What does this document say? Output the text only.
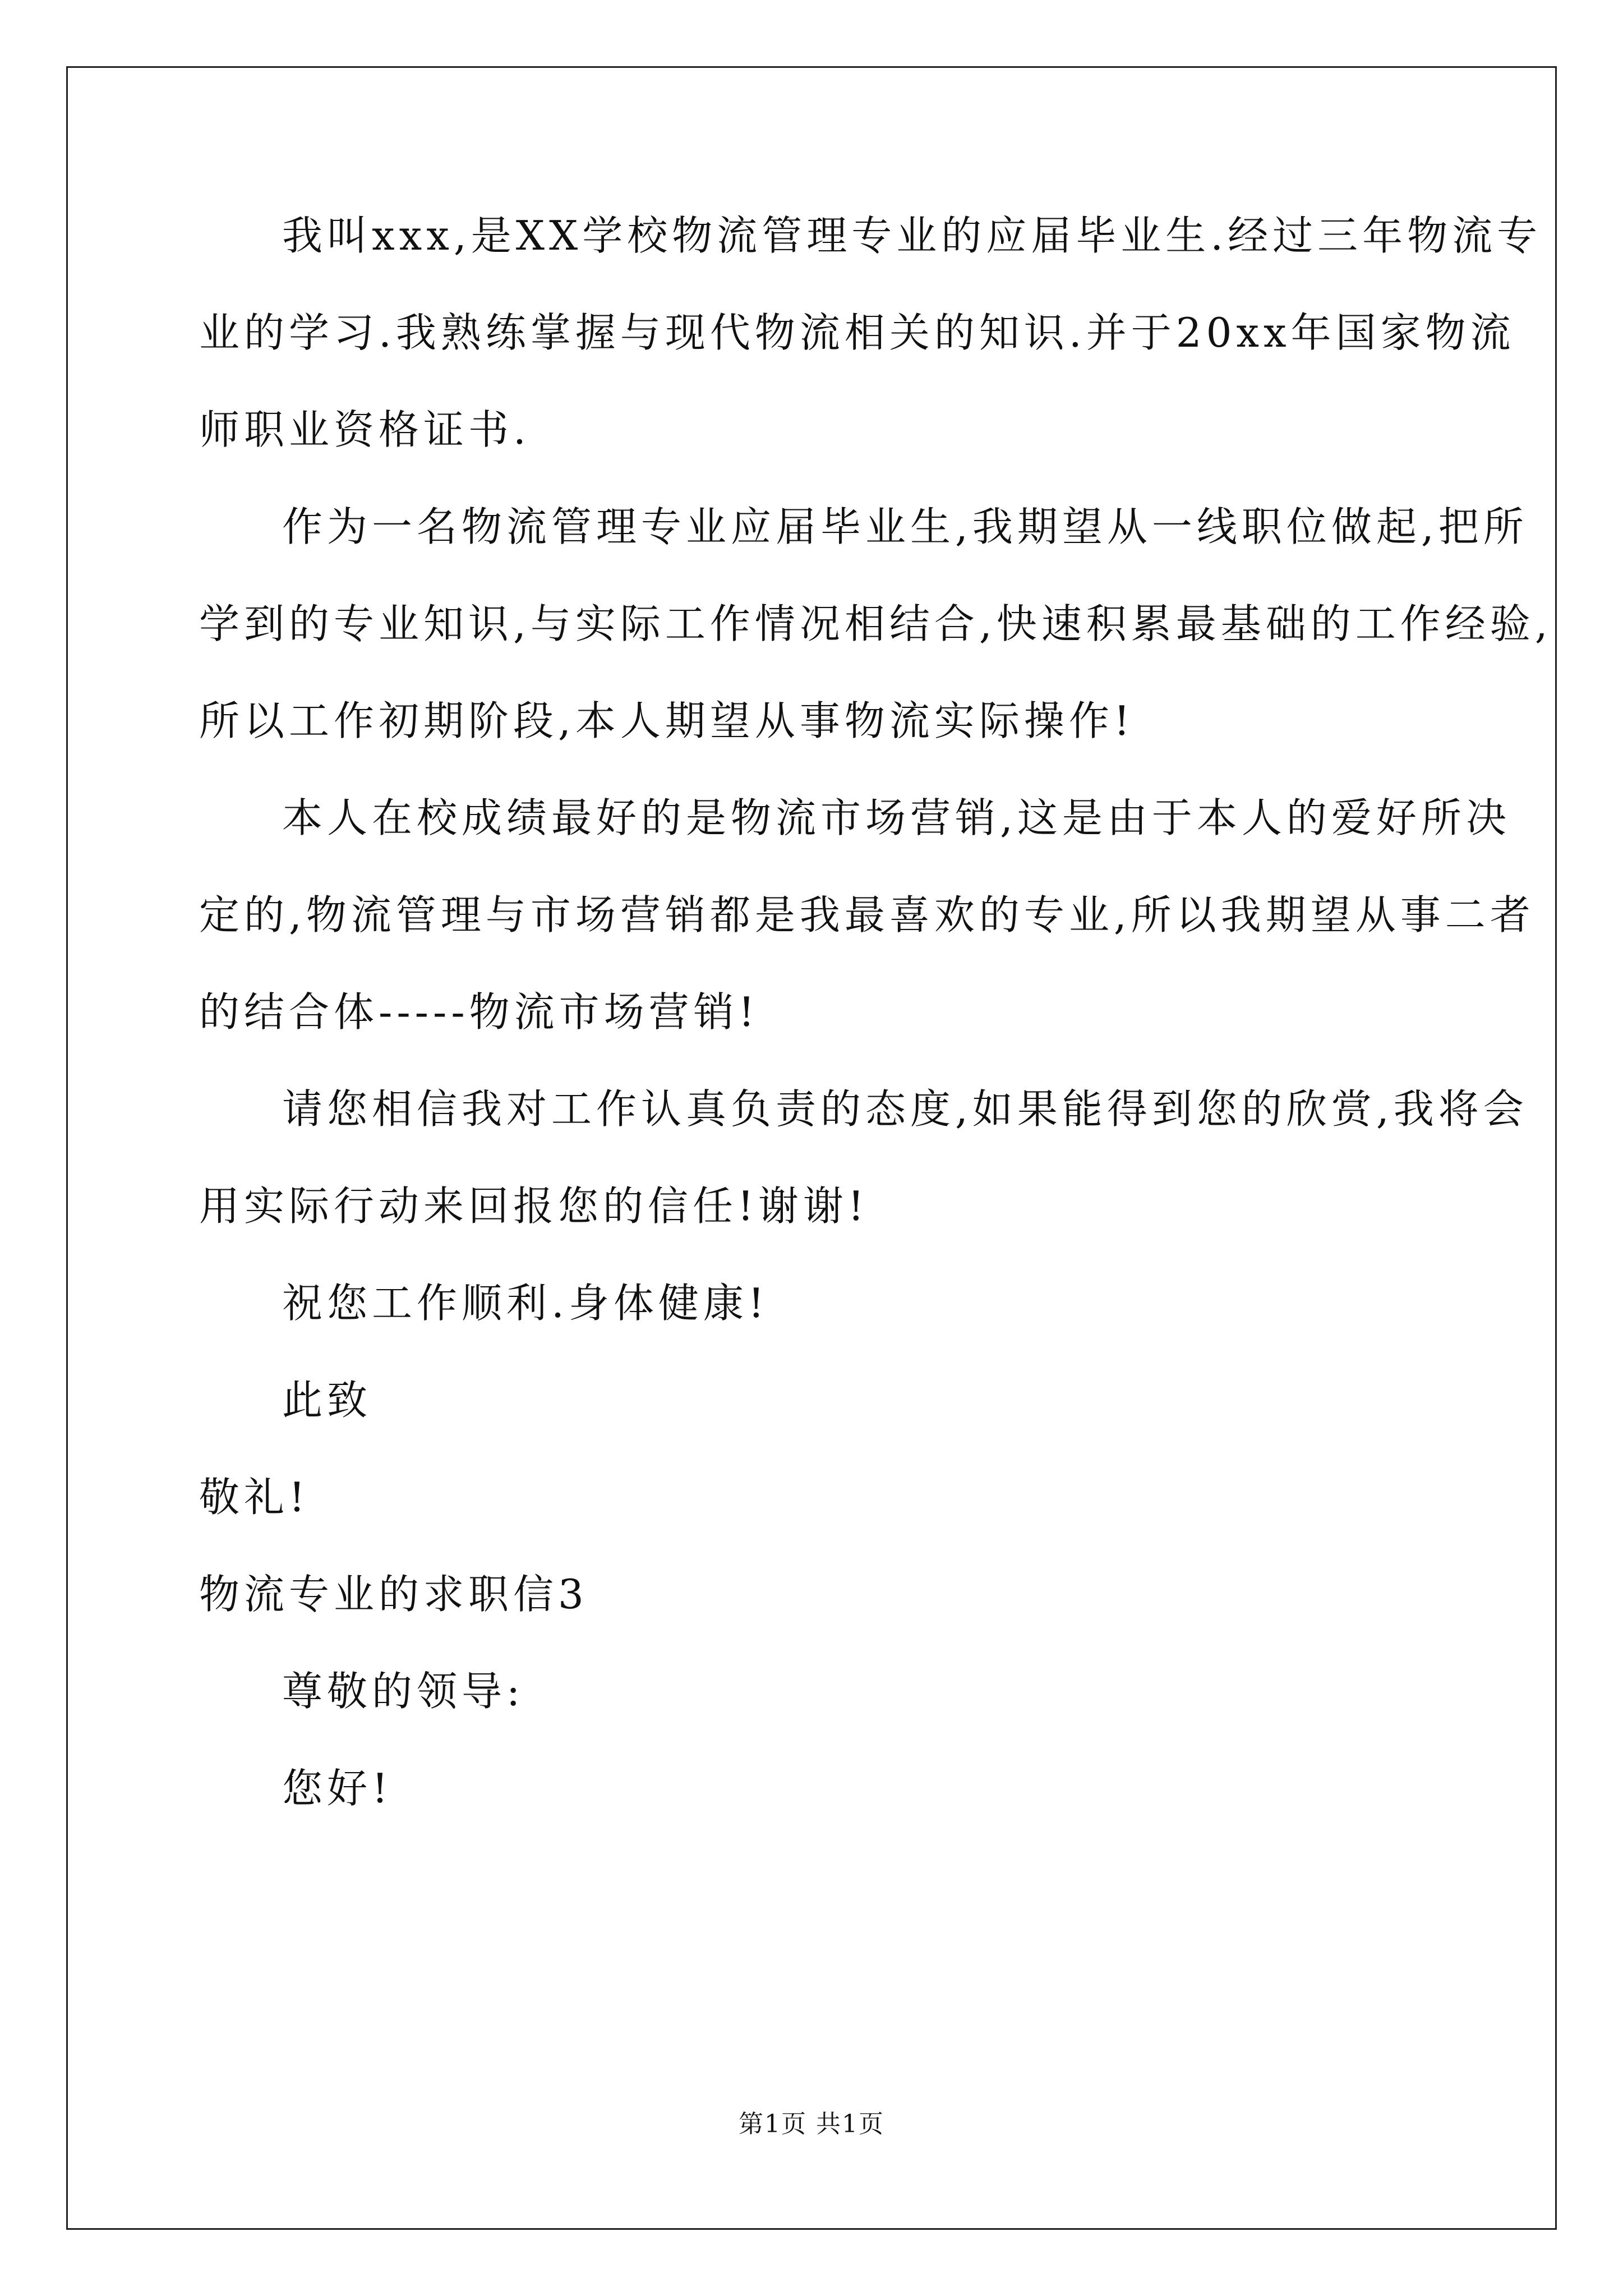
我叫xxx,是XX学校物流管理专业的应届毕业生.经过三年物流专
业的学习.我熟练掌握与现代物流相关的知识.并于20xx年国家物流
师职业资格证书.
作为一名物流管理专业应届毕业生,我期望从一线职位做起,把所
学到的专业知识,与实际工作情况相结合,快速积累最基础的工作经验,
所以工作初期阶段,本人期望从事物流实际操作!
本人在校成绩最好的是物流市场营销,这是由于本人的爱好所决
定的,物流管理与市场营销都是我最喜欢的专业,所以我期望从事二者
的结合体-----物流市场营销!
请您相信我对工作认真负责的态度,如果能得到您的欣赏,我将会
用实际行动来回报您的信任!谢谢!
祝您工作顺利.身体健康!
此致
敬礼!
物流专业的求职信3
尊敬的领导:
您好!
第1页 共1页
